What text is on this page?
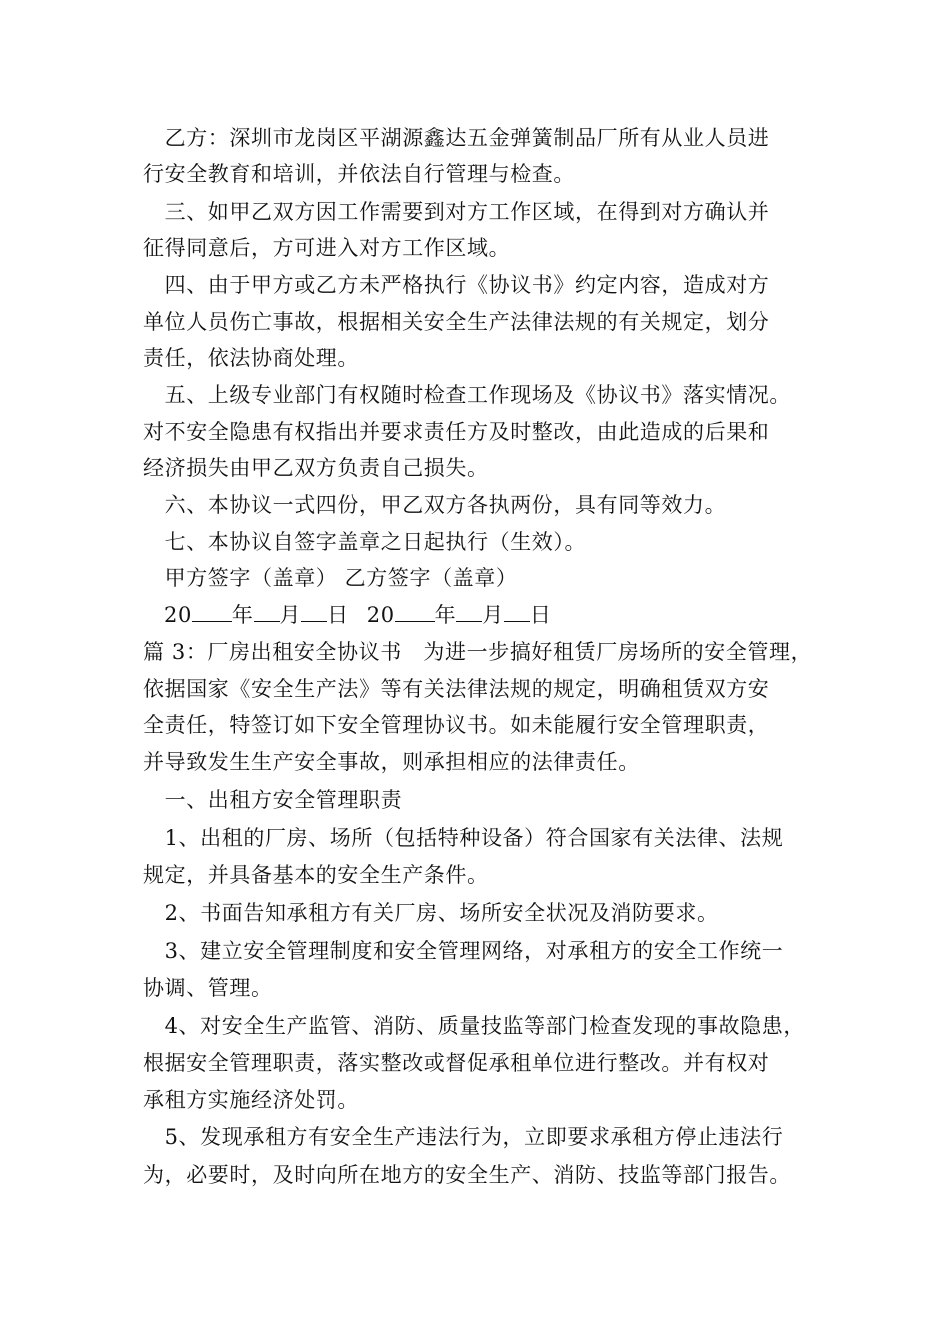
　乙方：深圳市龙岗区平湖源鑫达五金弹簧制品厂所有从业人员进
行安全教育和培训，并依法自行管理与检查。
　三、如甲乙双方因工作需要到对方工作区域，在得到对方确认并
征得同意后，方可进入对方工作区域。
　四、由于甲方或乙方未严格执行《协议书》约定内容，造成对方
单位人员伤亡事故，根据相关安全生产法律法规的有关规定，划分
责任，依法协商处理。
　五、上级专业部门有权随时检查工作现场及《协议书》落实情况。
对不安全隐患有权指出并要求责任方及时整改，由此造成的后果和
经济损失由甲乙双方负责自己损失。
　六、本协议一式四份，甲乙双方各执两份，具有同等效力。
　七、本协议自签字盖章之日起执行（生效）。
　甲方签字（盖章） 乙方签字（盖章）
20 年 月 日 20 年 月 日
篇 3：厂房出租安全协议书　为进一步搞好租赁厂房场所的安全管理，
依据国家《安全生产法》等有关法律法规的规定，明确租赁双方安
全责任，特签订如下安全管理协议书。如未能履行安全管理职责，
并导致发生生产安全事故，则承担相应的法律责任。
　一、出租方安全管理职责
　1、出租的厂房、场所（包括特种设备）符合国家有关法律、法规
规定，并具备基本的安全生产条件。
　2、书面告知承租方有关厂房、场所安全状况及消防要求。
　3、建立安全管理制度和安全管理网络，对承租方的安全工作统一
协调、管理。
　4、对安全生产监管、消防、质量技监等部门检查发现的事故隐患，
根据安全管理职责，落实整改或督促承租单位进行整改。并有权对
承租方实施经济处罚。
　5、发现承租方有安全生产违法行为，立即要求承租方停止违法行
为，必要时，及时向所在地方的安全生产、消防、技监等部门报告。
